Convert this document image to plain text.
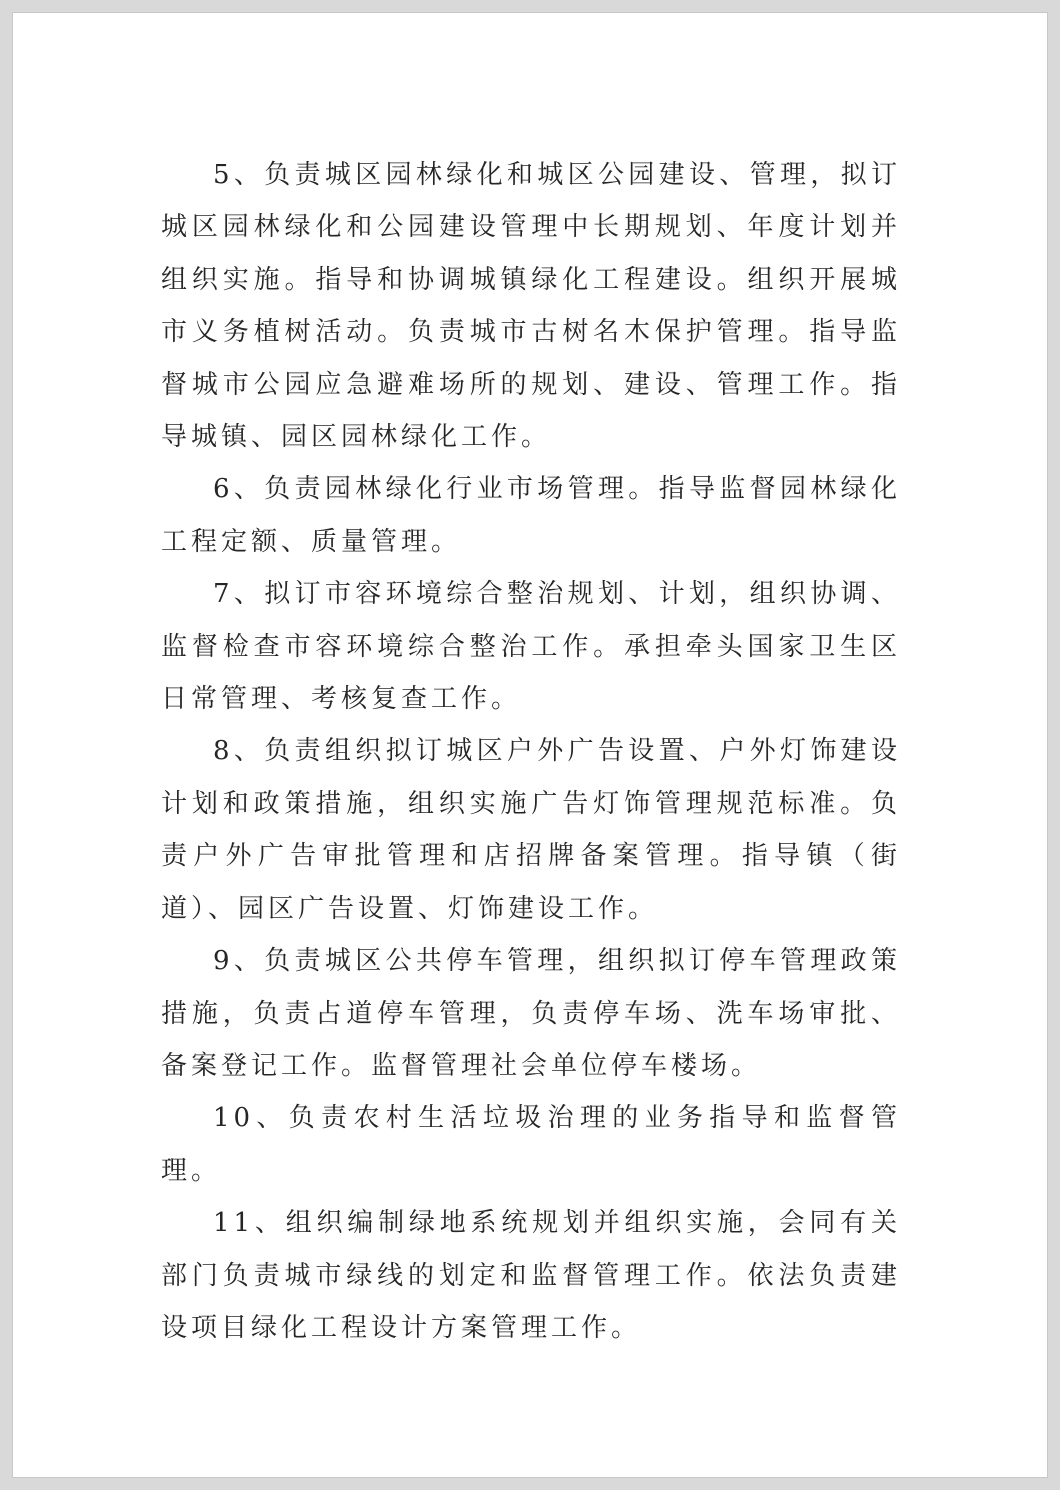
5、负责城区园林绿化和城区公园建设、管理，拟订城区园林绿化和公园建设管理中长期规划、年度计划并组织实施。指导和协调城镇绿化工程建设。组织开展城市义务植树活动。负责城市古树名木保护管理。指导监督城市公园应急避难场所的规划、建设、管理工作。指导城镇、园区园林绿化工作。

6、负责园林绿化行业市场管理。指导监督园林绿化工程定额、质量管理。

7、拟订市容环境综合整治规划、计划，组织协调、监督检查市容环境综合整治工作。承担牵头国家卫生区日常管理、考核复查工作。

8、负责组织拟订城区户外广告设置、户外灯饰建设计划和政策措施，组织实施广告灯饰管理规范标准。负责户外广告审批管理和店招牌备案管理。指导镇（街道）、园区广告设置、灯饰建设工作。

9、负责城区公共停车管理，组织拟订停车管理政策措施，负责占道停车管理，负责停车场、洗车场审批、备案登记工作。监督管理社会单位停车楼场。

10、负责农村生活垃圾治理的业务指导和监督管理。

11、组织编制绿地系统规划并组织实施，会同有关部门负责城市绿线的划定和监督管理工作。依法负责建设项目绿化工程设计方案管理工作。
